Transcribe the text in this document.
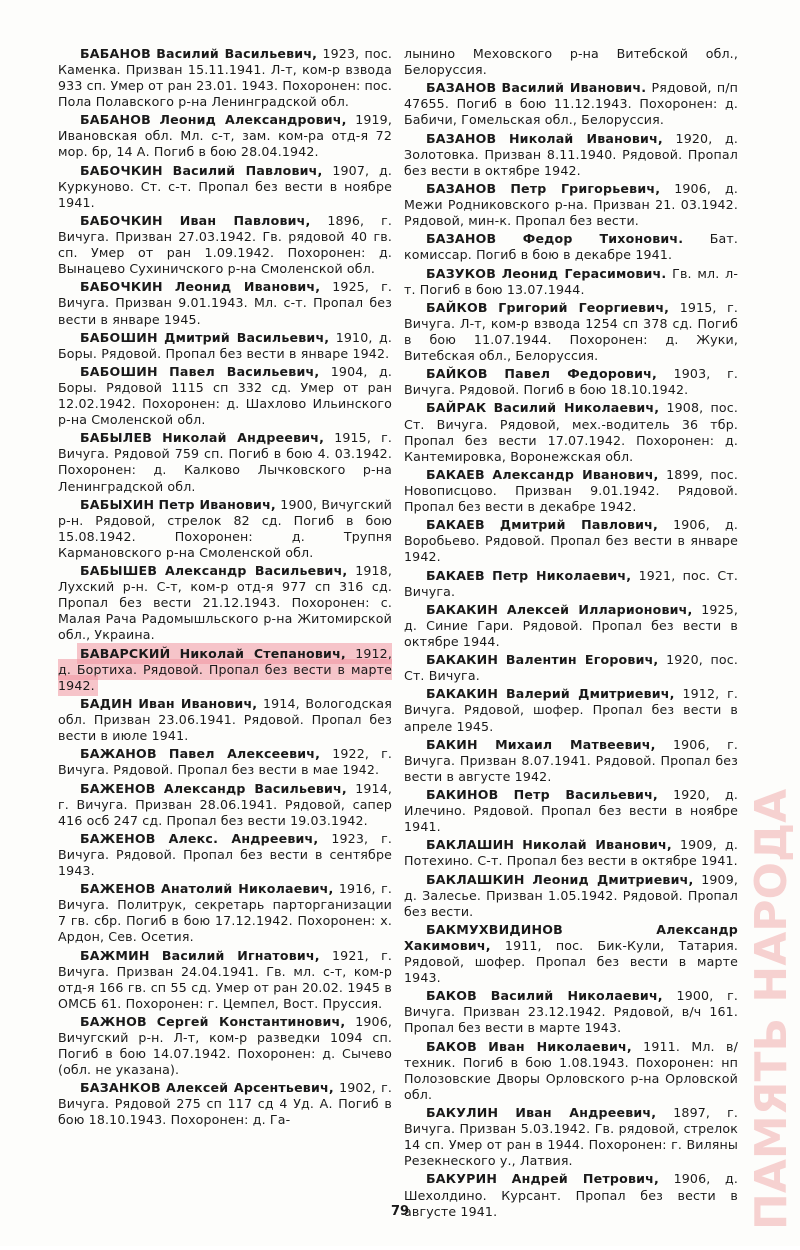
БАБАНОВ Василий Васильевич, 1923, пос. Каменка. Призван 15.11.1941. Л-т, ком-р взвода 933 сп. Умер от ран 23.01. 1943. Похоронен: пос. Пола Полавского р-на Ленинградской обл.

БАБАНОВ Леонид Александрович, 1919, Ивановская обл. Мл. с-т, зам. ком-ра отд-я 72 мор. бр, 14 А. Погиб в бою 28.04.1942.

БАБОЧКИН Василий Павлович, 1907, д. Куркуново. Ст. с-т. Пропал без вести в ноябре 1941.

БАБОЧКИН Иван Павлович, 1896, г. Вичуга. Призван 27.03.1942. Гв. рядовой 40 гв. сп. Умер от ран 1.09.1942. Похоронен: д. Вынацево Сухиничского р-на Смоленской обл.

БАБОЧКИН Леонид Иванович, 1925, г. Вичуга. Призван 9.01.1943. Мл. с-т. Пропал без вести в январе 1945.

БАБОШИН Дмитрий Васильевич, 1910, д. Боры. Рядовой. Пропал без вести в январе 1942.

БАБОШИН Павел Васильевич, 1904, д. Боры. Рядовой 1115 сп 332 сд. Умер от ран 12.02.1942. Похоронен: д. Шахлово Ильинского р-на Смоленской обл.

БАБЫЛЕВ Николай Андреевич, 1915, г. Вичуга. Рядовой 759 сп. Погиб в бою 4. 03.1942. Похоронен: д. Калково Лычковского р-на Ленинградской обл.

БАБЫХИН Петр Иванович, 1900, Вичугский р-н. Рядовой, стрелок 82 сд. Погиб в бою 15.08.1942. Похоронен: д. Трупня Кармановского р-на Смоленской обл.

БАБЫШЕВ Александр Васильевич, 1918, Лухский р-н. С-т, ком-р отд-я 977 сп 316 сд. Пропал без вести 21.12.1943. Похоронен: с. Малая Рача Радомышльского р-на Житомирской обл., Украина.

БАВАРСКИЙ Николай Степанович, 1912, д. Бортиха. Рядовой. Пропал без вести в марте 1942.

БАДИН Иван Иванович, 1914, Вологодская обл. Призван 23.06.1941. Рядовой. Пропал без вести в июле 1941.

БАЖАНОВ Павел Алексеевич, 1922, г. Вичуга. Рядовой. Пропал без вести в мае 1942.

БАЖЕНОВ Александр Васильевич, 1914, г. Вичуга. Призван 28.06.1941. Рядовой, сапер 416 осб 247 сд. Пропал без вести 19.03.1942.

БАЖЕНОВ Алекс. Андреевич, 1923, г. Вичуга. Рядовой. Пропал без вести в сентябре 1943.

БАЖЕНОВ Анатолий Николаевич, 1916, г. Вичуга. Политрук, секретарь парторганизации 7 гв. сбр. Погиб в бою 17.12.1942. Похоронен: х. Ардон, Сев. Осетия.

БАЖМИН Василий Игнатович, 1921, г. Вичуга. Призван 24.04.1941. Гв. мл. с-т, ком-р отд-я 166 гв. сп 55 сд. Умер от ран 20.02. 1945 в ОМСБ 61. Похоронен: г. Цемпел, Вост. Пруссия.

БАЖНОВ Сергей Константинович, 1906, Вичугский р-н. Л-т, ком-р разведки 1094 сп. Погиб в бою 14.07.1942. Похоронен: д. Сычево (обл. не указана).

БАЗАНКОВ Алексей Арсентьевич, 1902, г. Вичуга. Рядовой 275 сп 117 сд 4 Уд. А. Погиб в бою 18.10.1943. Похоронен: д. Га-

лынино Меховского р-на Витебской обл., Белоруссия.

БАЗАНОВ Василий Иванович. Рядовой, п/п 47655. Погиб в бою 11.12.1943. Похоронен: д. Бабичи, Гомельская обл., Белоруссия.

БАЗАНОВ Николай Иванович, 1920, д. Золотовка. Призван 8.11.1940. Рядовой. Пропал без вести в октябре 1942.

БАЗАНОВ Петр Григорьевич, 1906, д. Межи Родниковского р-на. Призван 21. 03.1942. Рядовой, мин-к. Пропал без вести.

БАЗАНОВ Федор Тихонович. Бат. комиссар. Погиб в бою в декабре 1941.

БАЗУКОВ Леонид Герасимович. Гв. мл. л-т. Погиб в бою 13.07.1944.

БАЙКОВ Григорий Георгиевич, 1915, г. Вичуга. Л-т, ком-р взвода 1254 сп 378 сд. Погиб в бою 11.07.1944. Похоронен: д. Жуки, Витебская обл., Белоруссия.

БАЙКОВ Павел Федорович, 1903, г. Вичуга. Рядовой. Погиб в бою 18.10.1942.

БАЙРАК Василий Николаевич, 1908, пос. Ст. Вичуга. Рядовой, мех.-водитель 36 тбр. Пропал без вести 17.07.1942. Похоронен: д. Кантемировка, Воронежская обл.

БАКАЕВ Александр Иванович, 1899, пос. Новописцово. Призван 9.01.1942. Рядовой. Пропал без вести в декабре 1942.

БАКАЕВ Дмитрий Павлович, 1906, д. Воробьево. Рядовой. Пропал без вести в январе 1942.

БАКАЕВ Петр Николаевич, 1921, пос. Ст. Вичуга.

БАКАКИН Алексей Илларионович, 1925, д. Синие Гари. Рядовой. Пропал без вести в октябре 1944.

БАКАКИН Валентин Егорович, 1920, пос. Ст. Вичуга.

БАКАКИН Валерий Дмитриевич, 1912, г. Вичуга. Рядовой, шофер. Пропал без вести в апреле 1945.

БАКИН Михаил Матвеевич, 1906, г. Вичуга. Призван 8.07.1941. Рядовой. Пропал без вести в августе 1942.

БАКИНОВ Петр Васильевич, 1920, д. Илечино. Рядовой. Пропал без вести в ноябре 1941.

БАКЛАШИН Николай Иванович, 1909, д. Потехино. С-т. Пропал без вести в октябре 1941.

БАКЛАШКИН Леонид Дмитриевич, 1909, д. Залесье. Призван 1.05.1942. Рядовой. Пропал без вести.

БАКМУХВИДИНОВ	Александр Хакимович, 1911, пос. Бик-Кули, Татария. Рядовой, шофер. Пропал без вести в марте 1943.

БАКОВ Василий Николаевич, 1900, г. Вичуга. Призван 23.12.1942. Рядовой, в/ч 161. Пропал без вести в марте 1943.

БАКОВ Иван Николаевич, 1911. Мл. в/техник. Погиб в бою 1.08.1943. Похоронен: нп Полозовские Дворы Орловского р-на Орловской обл.

БАКУЛИН Иван Андреевич, 1897, г. Вичуга. Призван 5.03.1942. Гв. рядовой, стрелок 14 сп. Умер от ран в 1944. Похоронен: г. Виляны Резекнеского у., Латвия.

БАКУРИН Андрей Петрович, 1906, д. Шехолдино. Курсант. Пропал без вести в августе 1941.

79	ПАМЯТЬ НАРОДА
